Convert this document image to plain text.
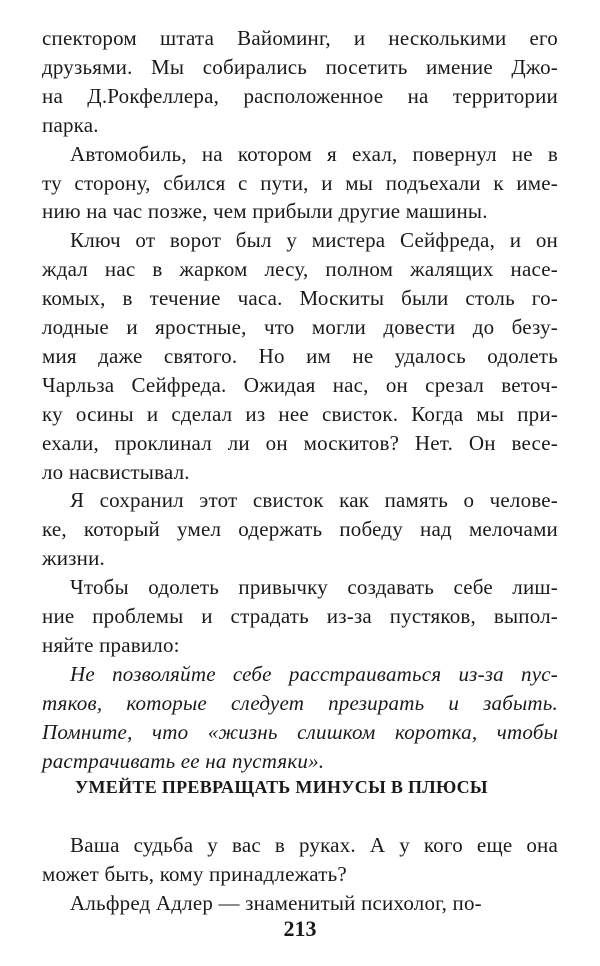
спектором штата Вайоминг, и несколькими его
друзьями. Мы собирались посетить имение Джо-
на Д.Рокфеллера, расположенное на территории
парка.
Автомобиль, на котором я ехал, повернул не в
ту сторону, сбился с пути, и мы подъехали к име-
нию на час позже, чем прибыли другие машины.
Ключ от ворот был у мистера Сейфреда, и он
ждал нас в жарком лесу, полном жалящих насе-
комых, в течение часа. Москиты были столь го-
лодные и яростные, что могли довести до безу-
мия даже святого. Но им не удалось одолеть
Чарльза Сейфреда. Ожидая нас, он срезал веточ-
ку осины и сделал из нее свисток. Когда мы при-
ехали, проклинал ли он москитов? Нет. Он весе-
ло насвистывал.
Я сохранил этот свисток как память о челове-
ке, который умел одержать победу над мелочами
жизни.
Чтобы одолеть привычку создавать себе лиш-
ние проблемы и страдать из-за пустяков, выпол-
няйте правило:
Не позволяйте себе расстраиваться из-за пус-
тяков, которые следует презирать и забыть.
Помните, что «жизнь слишком коротка, чтобы
растрачивать ее на пустяки».
УМЕЙТЕ ПРЕВРАЩАТЬ МИНУСЫ В ПЛЮСЫ
Ваша судьба у вас в руках. А у кого еще она
может быть, кому принадлежать?
Альфред Адлер — знаменитый психолог, по-
213
